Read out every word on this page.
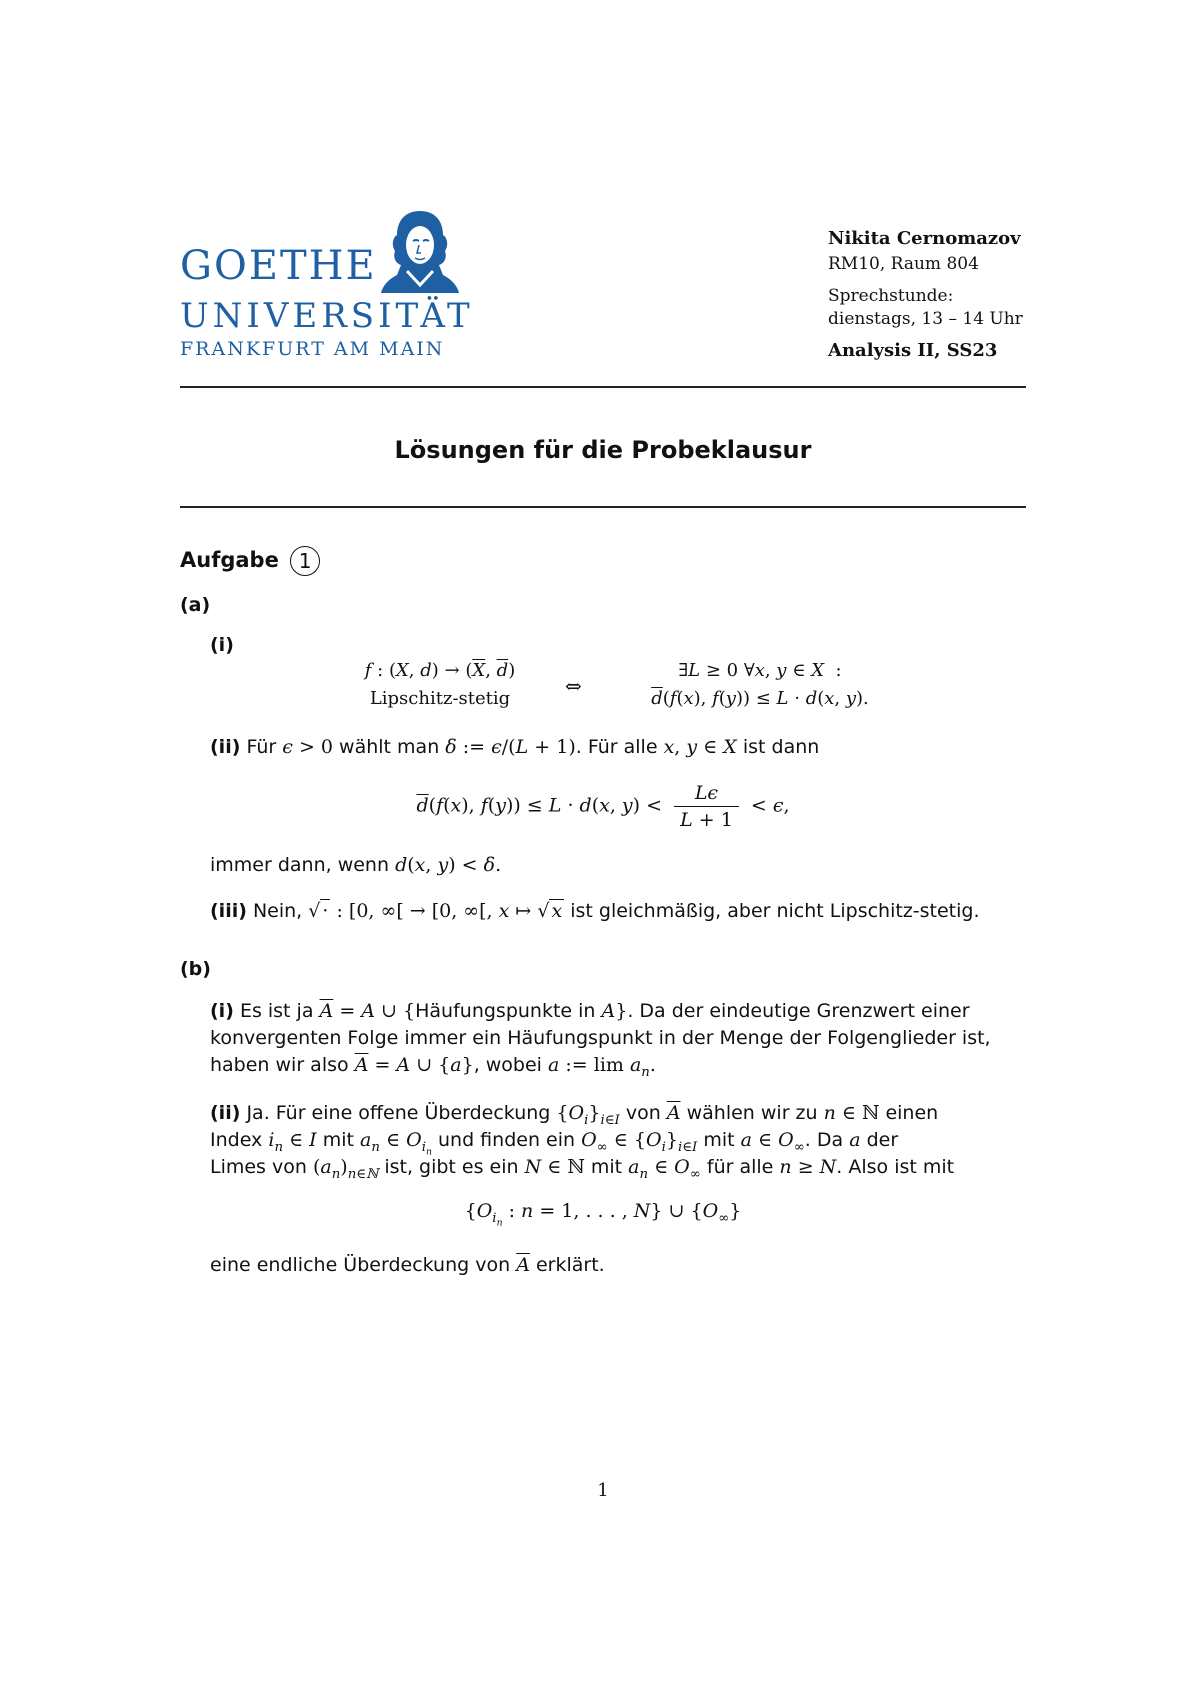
GOETHE
UNIVERSITÄT
FRANKFURT AM MAIN
Nikita Cernomazov
RM10, Raum 804
Sprechstunde:
dienstags, 13 – 14 Uhr
Analysis II, SS23
Lösungen für die Probeklausur
Aufgabe 1
(a)
(i)
f : (X, $d) \to (\overline{X}$, $\overline{d}$)
Lipschitz-stetig
⇔
∃L ≥ 0 ∀x, y ∈ X  :
$\overline{d}(f(x)$, f(y)) ≤ L · d(x, y).
(ii) Für ϵ > 0 wählt man δ := ϵ/(L + 1). Für alle x, y ∈ X ist dann
$\overline{d}(f(x)$, f(y)) ≤ L · d(x, $y) < \frac{L\epsilon}{L + 1} < \epsilon$,
immer dann, wenn d(x, y) < δ.
(iii) Nein, √ · : [0, ∞[ → [0, ∞[, x ↦ √ x ist gleichmäßig, aber nicht Lipschitz-stetig.
(b)
(i) Es ist ja $\overline{A} = A$ ∪ {Häufungspunkte in A}. Da der eindeutige Grenzwert einer
konvergenten Folge immer ein Häufungspunkt in der Menge der Folgenglieder ist,
haben wir also $\overline{A} = A$ ∪ {a}, wobei a := $\lim a_n$.
(ii) Ja. Für eine offene Überdeckung $\{O_i\}_{i\in I}$ von $\overline{A}$ wählen wir zu n ∈ ℕ einen
Index $i_n$ ∈ I mit $a_n$ ∈ $O_{i_n}$ und finden ein $O_\infty$ ∈ $\{O_i\}_{i\in I}$ mit a ∈ $O_\infty$. Da a der
Limes von $(a_n)_{n\in ℕ}$ ist, gibt es ein N ∈ ℕ mit $a_n$ ∈ $O_\infty$ für alle n ≥ N. Also ist mit
{$O_{i_n}$ : n = 1, . . . , N} ∪ $\{O_\infty\}$
eine endliche Überdeckung von $\overline{A}$ erklärt.
1
